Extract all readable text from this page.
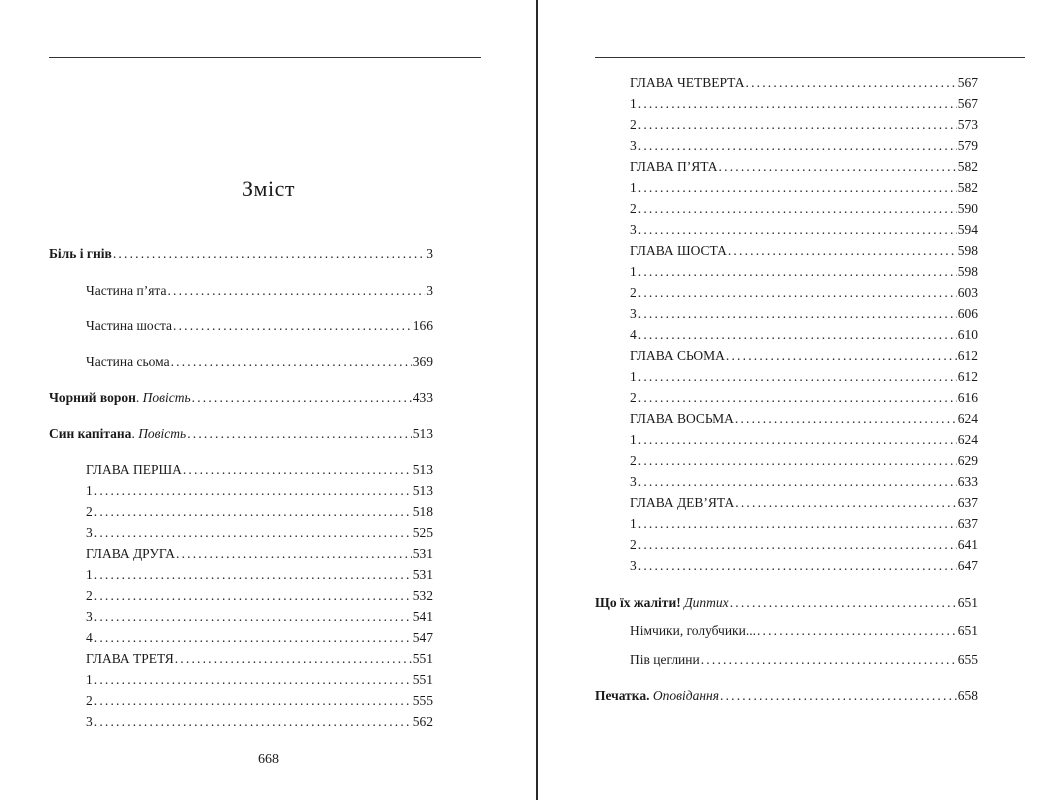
Зміст
Біль і гнів .....	3
Частина п’ята .....	3
Частина шоста .....	166
Частина сьома .....	369
Чорний ворон. Повість .....	433
Син капітана. Повість .....	513
ГЛАВА ПЕРША .....	513
1 .....	513
2 .....	518
3 .....	525
ГЛАВА ДРУГА .....	531
1 .....	531
2 .....	532
3 .....	541
4 .....	547
ГЛАВА ТРЕТЯ .....	551
1 .....	551
2 .....	555
3 .....	562
668
ГЛАВА ЧЕТВЕРТА .....	567
1 .....	567
2 .....	573
3 .....	579
ГЛАВА П’ЯТА .....	582
1 .....	582
2 .....	590
3 .....	594
ГЛАВА ШОСТА .....	598
1 .....	598
2 .....	603
3 .....	606
4 .....	610
ГЛАВА СЬОМА .....	612
1 .....	612
2 .....	616
ГЛАВА ВОСЬМА .....	624
1 .....	624
2 .....	629
3 .....	633
ГЛАВА ДЕВ’ЯТА .....	637
1 .....	637
2 .....	641
3 .....	647
Що їх жаліти! Диптих .....	651
Німчики, голубчики... .....	651
Пів цеглини .....	655
Печатка. Оповідання .....	658
